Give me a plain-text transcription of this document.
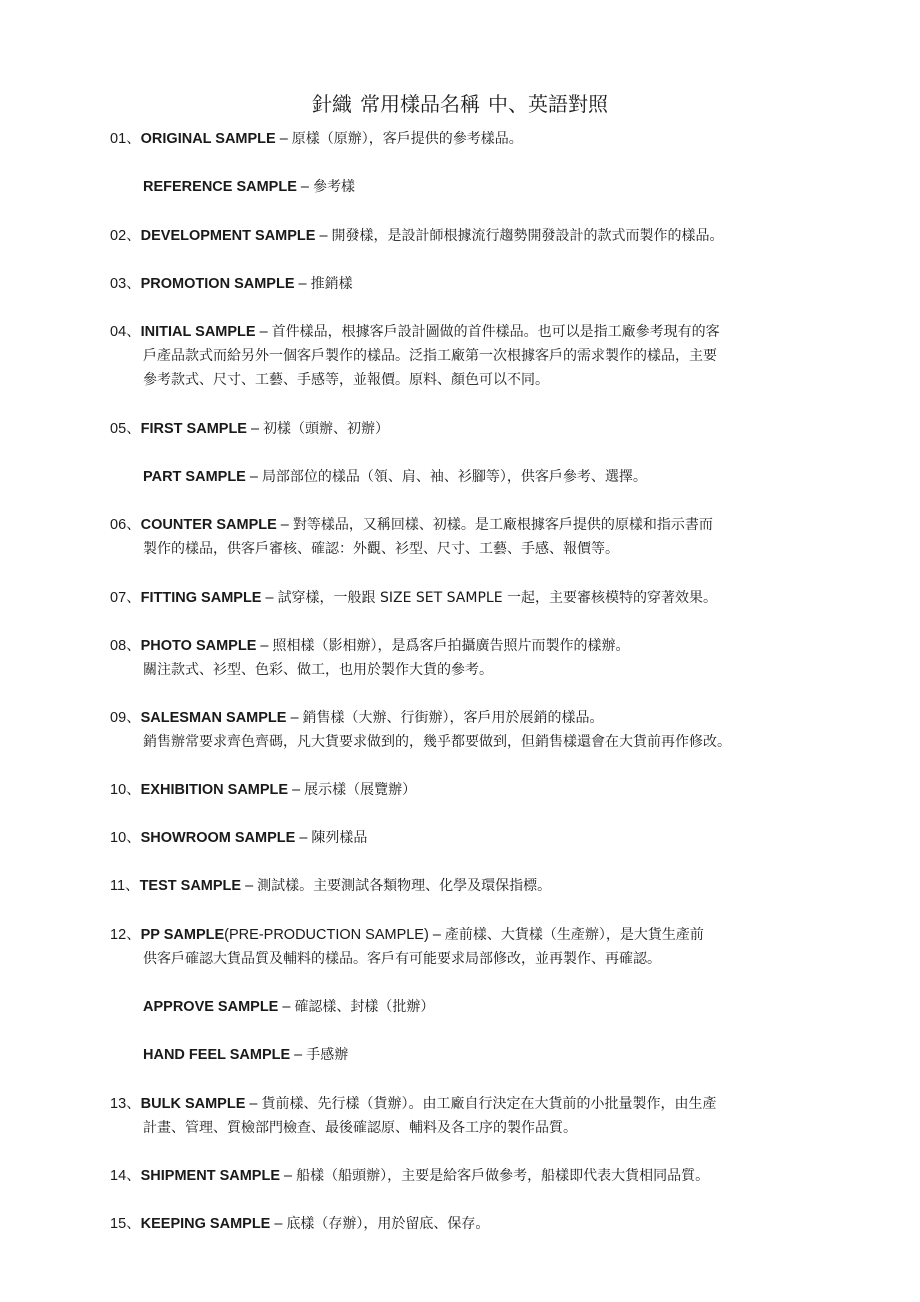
針織 常用樣品名稱 中、英語對照
01、ORIGINAL SAMPLE – 原樣（原辦），客戶提供的參考樣品。
REFERENCE SAMPLE – 參考樣
02、DEVELOPMENT SAMPLE – 開發樣，是設計師根據流行趨勢開發設計的款式而製作的樣品。
03、PROMOTION SAMPLE – 推銷樣
04、INITIAL SAMPLE – 首件樣品，根據客戶設計圖做的首件樣品。也可以是指工廠參考現有的客
戶產品款式而給另外一個客戶製作的樣品。泛指工廠第一次根據客戶的需求製作的樣品，主要
參考款式、尺寸、工藝、手感等，並報價。原料、顏色可以不同。
05、FIRST SAMPLE – 初樣（頭辦、初辦）
PART SAMPLE – 局部部位的樣品（領、肩、袖、衫腳等），供客戶參考、選擇。
06、COUNTER SAMPLE – 對等樣品，又稱回樣、初樣。是工廠根據客戶提供的原樣和指示書而
製作的樣品，供客戶審核、確認：外觀、衫型、尺寸、工藝、手感、報價等。
07、FITTING SAMPLE – 試穿樣，一般跟 SIZE SET SAMPLE 一起，主要審核模特的穿著效果。
08、PHOTO SAMPLE – 照相樣（影相辦），是爲客戶拍攝廣告照片而製作的樣辦。
關注款式、衫型、色彩、做工，也用於製作大貨的參考。
09、SALESMAN SAMPLE – 銷售樣（大辦、行街辦），客戶用於展銷的樣品。
銷售辦常要求齊色齊碼，凡大貨要求做到的，幾乎都要做到，但銷售樣還會在大貨前再作修改。
10、EXHIBITION SAMPLE – 展示樣（展覽辦）
10、SHOWROOM SAMPLE – 陳列樣品
11、TEST SAMPLE – 測試樣。主要測試各類物理、化學及環保指標。
12、PP SAMPLE(PRE-PRODUCTION SAMPLE) – 產前樣、大貨樣（生產辦），是大貨生產前
供客戶確認大貨品質及輔料的樣品。客戶有可能要求局部修改，並再製作、再確認。
APPROVE SAMPLE – 確認樣、封樣（批辦）
HAND FEEL SAMPLE – 手感辦
13、BULK SAMPLE – 貨前樣、先行樣（貨辦）。由工廠自行決定在大貨前的小批量製作，由生產
計畫、管理、質檢部門檢查、最後確認原、輔料及各工序的製作品質。
14、SHIPMENT SAMPLE – 船樣（船頭辦），主要是給客戶做參考，船樣即代表大貨相同品質。
15、KEEPING SAMPLE – 底樣（存辦），用於留底、保存。
